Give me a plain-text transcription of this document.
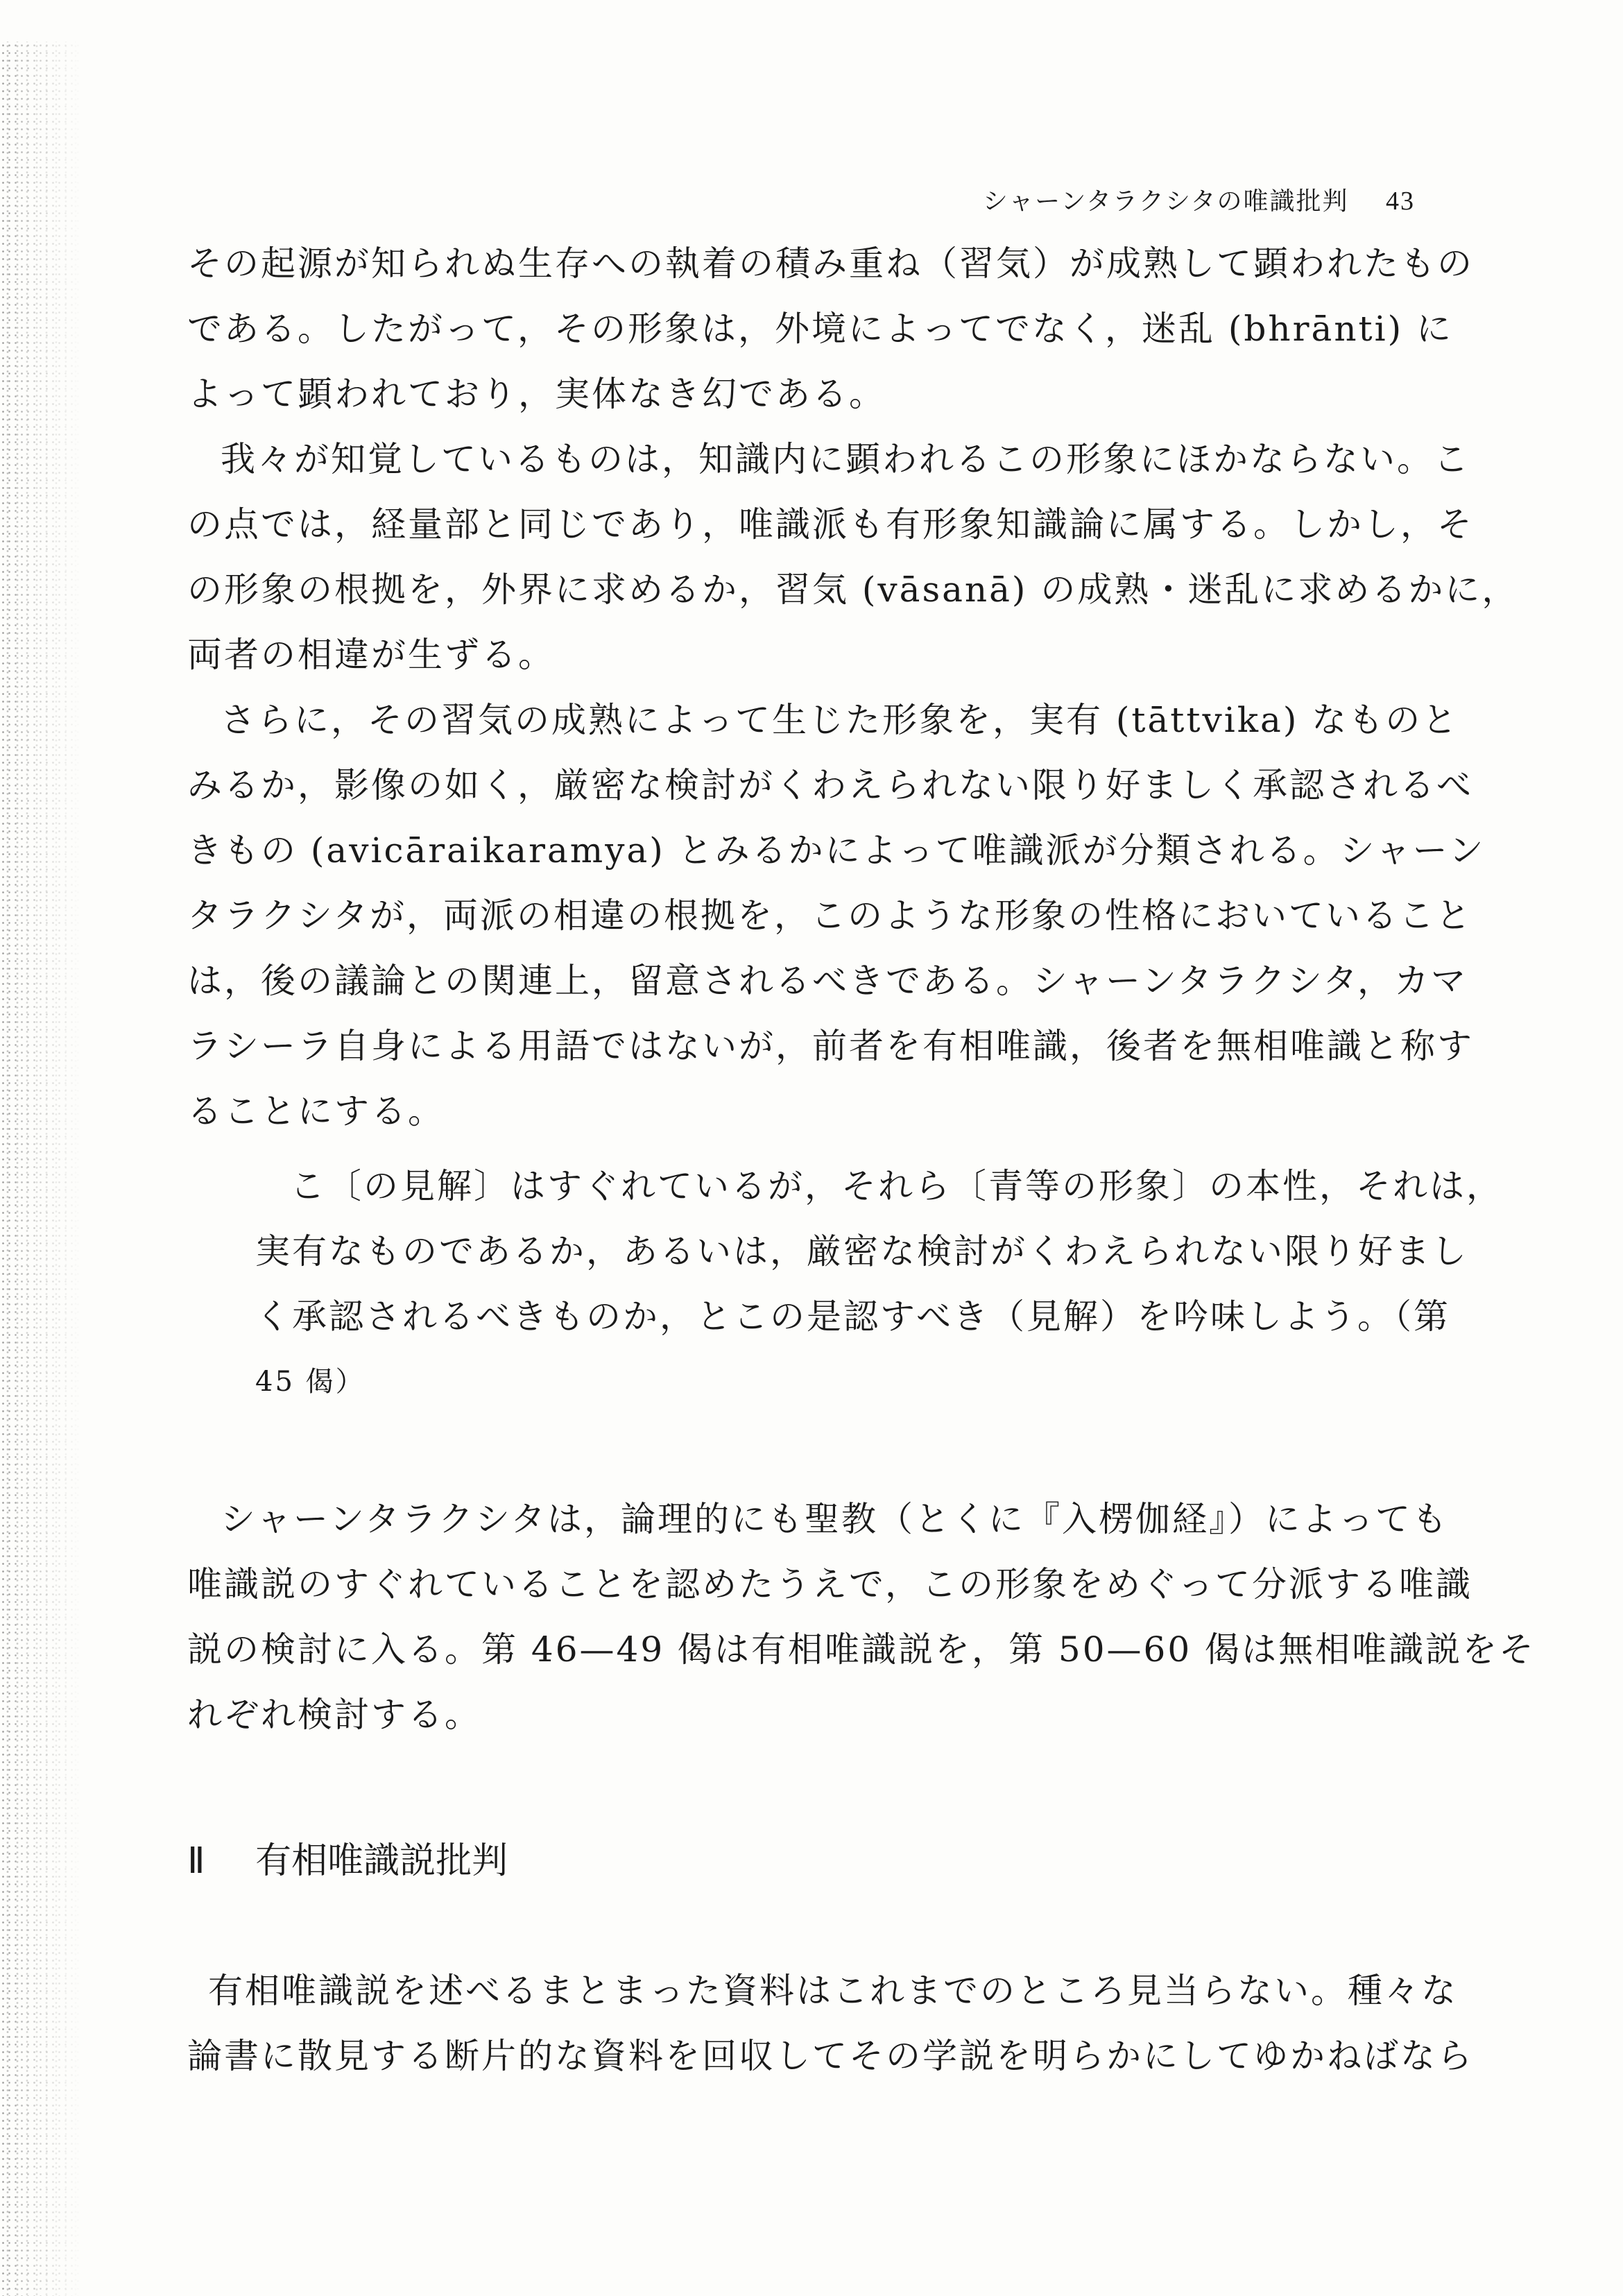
シャーンタラクシタの唯識批判 43
その起源が知られぬ生存への執着の積み重ね（習気）が成熟して顕われたもの
である。したがって，その形象は，外境によってでなく，迷乱 (bhrānti) に
よって顕われており，実体なき幻である。
我々が知覚しているものは，知識内に顕われるこの形象にほかならない。こ
の点では，経量部と同じであり，唯識派も有形象知識論に属する。しかし，そ
の形象の根拠を，外界に求めるか，習気 (vāsanā) の成熟・迷乱に求めるかに，
両者の相違が生ずる。
さらに，その習気の成熟によって生じた形象を，実有 (tāttvika) なものと
みるか，影像の如く，厳密な検討がくわえられない限り好ましく承認されるべ
きもの (avicāraikaramya) とみるかによって唯識派が分類される。シャーン
タラクシタが，両派の相違の根拠を，このような形象の性格においていること
は，後の議論との関連上，留意されるべきである。シャーンタラクシタ，カマ
ラシーラ自身による用語ではないが，前者を有相唯識，後者を無相唯識と称す
ることにする。
こ〔の見解〕はすぐれているが，それら〔青等の形象〕の本性，それは，
実有なものであるか，あるいは，厳密な検討がくわえられない限り好まし
く承認されるべきものか，とこの是認すべき（見解）を吟味しよう。（第
45 偈）
シャーンタラクシタは，論理的にも聖教（とくに『入楞伽経』）によっても
唯識説のすぐれていることを認めたうえで，この形象をめぐって分派する唯識
説の検討に入る。第 46—49 偈は有相唯識説を，第 50—60 偈は無相唯識説をそ
れぞれ検討する。
Ⅱ 有相唯識説批判
有相唯識説を述べるまとまった資料はこれまでのところ見当らない。種々な
論書に散見する断片的な資料を回収してその学説を明らかにしてゆかねばなら
